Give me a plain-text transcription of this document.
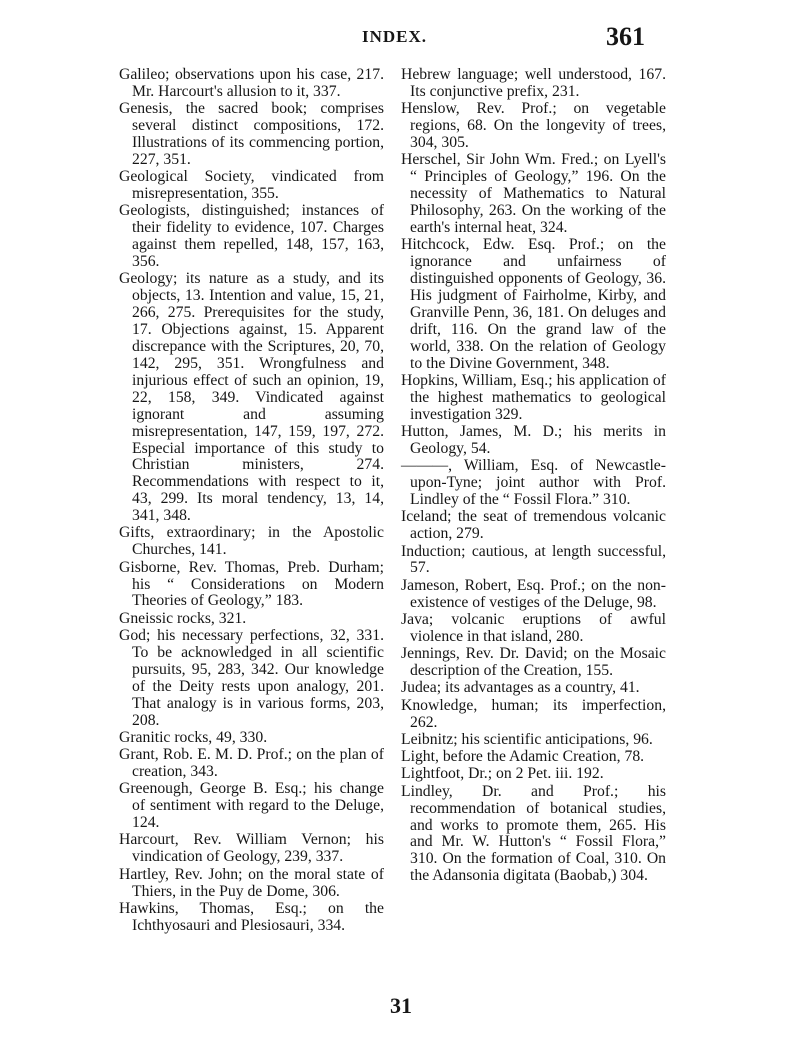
INDEX.	361

Galileo; observations upon his case, 217. Mr. Harcourt's allusion to it, 337.

Genesis, the sacred book; comprises several distinct compositions, 172. Illustrations of its commencing portion, 227, 351.

Geological Society, vindicated from misrepresentation, 355.

Geologists, distinguished; instances of their fidelity to evidence, 107. Charges against them repelled, 148, 157, 163, 356.

Geology; its nature as a study, and its objects, 13. Intention and value, 15, 21, 266, 275. Prerequisites for the study, 17. Objections against, 15. Apparent discrepance with the Scriptures, 20, 70, 142, 295, 351. Wrongfulness and injurious effect of such an opinion, 19, 22, 158, 349. Vindicated against ignorant and assuming misrepresentation, 147, 159, 197, 272. Especial importance of this study to Christian ministers, 274. Recommendations with respect to it, 43, 299. Its moral tendency, 13, 14, 341, 348.

Gifts, extraordinary; in the Apostolic Churches, 141.

Gisborne, Rev. Thomas, Preb. Durham; his “ Considerations on Modern Theories of Geology,” 183.

Gneissic rocks, 321.

God; his necessary perfections, 32, 331. To be acknowledged in all scientific pursuits, 95, 283, 342. Our knowledge of the Deity rests upon analogy, 201. That analogy is in various forms, 203, 208.

Granitic rocks, 49, 330.

Grant, Rob. E. M. D. Prof.; on the plan of creation, 343.

Greenough, George B. Esq.; his change of sentiment with regard to the Deluge, 124.

Harcourt, Rev. William Vernon; his vindication of Geology, 239, 337.

Hartley, Rev. John; on the moral state of Thiers, in the Puy de Dome, 306.

Hawkins, Thomas, Esq.; on the Ichthyosauri and Plesiosauri, 334.

Hebrew language; well understood, 167. Its conjunctive prefix, 231.

Henslow, Rev. Prof.; on vegetable regions, 68. On the longevity of trees, 304, 305.

Herschel, Sir John Wm. Fred.; on Lyell's “ Principles of Geology,” 196. On the necessity of Mathematics to Natural Philosophy, 263. On the working of the earth's internal heat, 324.

Hitchcock, Edw. Esq. Prof.; on the ignorance and unfairness of distinguished opponents of Geology, 36. His judgment of Fairholme, Kirby, and Granville Penn, 36, 181. On deluges and drift, 116. On the grand law of the world, 338. On the relation of Geology to the Divine Government, 348.

Hopkins, William, Esq.; his application of the highest mathematics to geological investigation 329.

Hutton, James, M. D.; his merits in Geology, 54.

———, William, Esq. of Newcastle-upon-Tyne; joint author with Prof. Lindley of the “ Fossil Flora.” 310.

Iceland; the seat of tremendous volcanic action, 279.

Induction; cautious, at length successful, 57.

Jameson, Robert, Esq. Prof.; on the non-existence of vestiges of the Deluge, 98.

Java; volcanic eruptions of awful violence in that island, 280.

Jennings, Rev. Dr. David; on the Mosaic description of the Creation, 155.

Judea; its advantages as a country, 41.

Knowledge, human; its imperfection, 262.

Leibnitz; his scientific anticipations, 96.

Light, before the Adamic Creation, 78.

Lightfoot, Dr.; on 2 Pet. iii. 192.

Lindley, Dr. and Prof.; his recommendation of botanical studies, and works to promote them, 265. His and Mr. W. Hutton's “ Fossil Flora,” 310. On the formation of Coal, 310. On the Adansonia digitata (Baobab,) 304.

31
